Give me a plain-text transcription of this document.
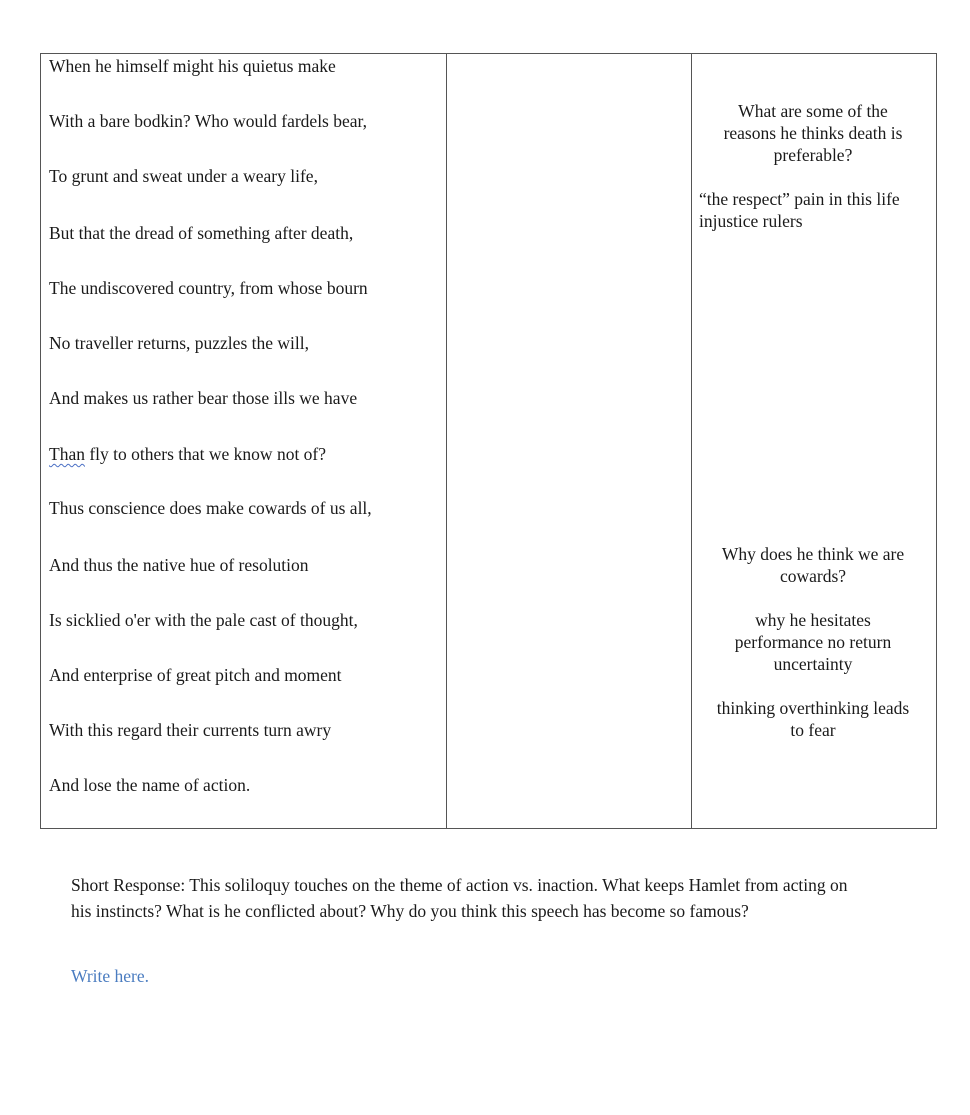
When he himself might his quietus make
With a bare bodkin? Who would fardels bear,
To grunt and sweat under a weary life,
But that the dread of something after death,
The undiscovered country, from whose bourn
No traveller returns, puzzles the will,
And makes us rather bear those ills we have
Than fly to others that we know not of?
Thus conscience does make cowards of us all,
And thus the native hue of resolution
Is sicklied o'er with the pale cast of thought,
And enterprise of great pitch and moment
With this regard their currents turn awry
And lose the name of action.
What are some of the
reasons he thinks death is
preferable?
“the respect” pain in this life
injustice rulers
Why does he think we are
cowards?
why he hesitates
performance no return
uncertainty
thinking overthinking leads
to fear
Short Response: This soliloquy touches on the theme of action vs. inaction. What keeps Hamlet from acting on his instincts? What is he conflicted about? Why do you think this speech has become so famous?
Write here.
